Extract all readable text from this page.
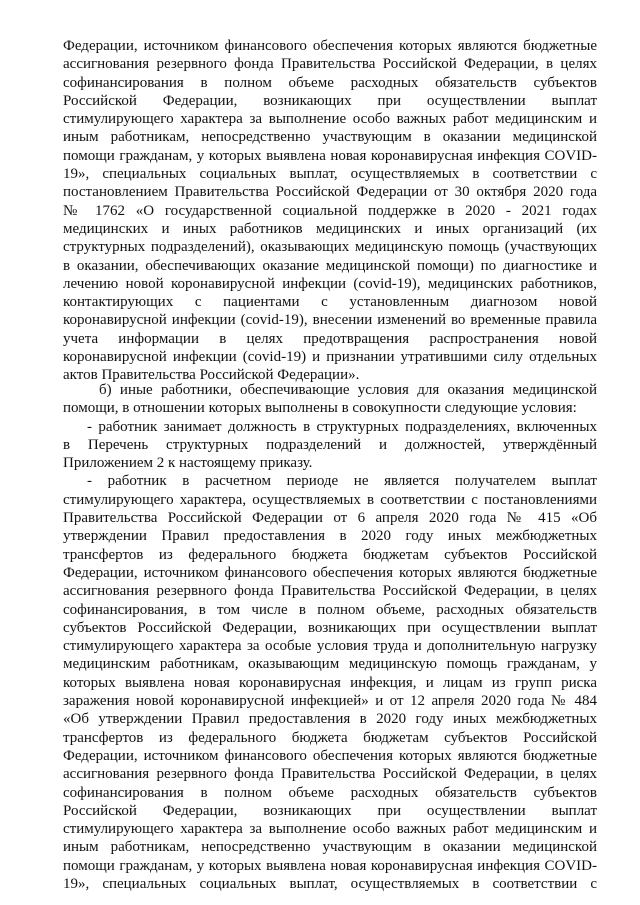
Федерации, источником финансового обеспечения которых являются бюджетные
ассигнования резервного фонда Правительства Российской Федерации, в целях
софинансирования в полном объеме расходных обязательств субъектов
Российской Федерации, возникающих при осуществлении выплат
стимулирующего характера за выполнение особо важных работ медицинским и
иным работникам, непосредственно участвующим в оказании медицинской
помощи гражданам, у которых выявлена новая коронавирусная инфекция COVID-
19», специальных социальных выплат, осуществляемых в соответствии с
постановлением Правительства Российской Федерации от 30 октября 2020 года
№ 1762 «О государственной социальной поддержке в 2020 - 2021 годах
медицинских и иных работников медицинских и иных организаций (их
структурных подразделений), оказывающих медицинскую помощь (участвующих
в оказании, обеспечивающих оказание медицинской помощи) по диагностике и
лечению новой коронавирусной инфекции (covid-19), медицинских работников,
контактирующих с пациентами с установленным диагнозом новой
коронавирусной инфекции (covid-19), внесении изменений во временные правила
учета информации в целях предотвращения распространения новой
коронавирусной инфекции (covid-19) и признании утратившими силу отдельных
актов Правительства Российской Федерации».
б) иные работники, обеспечивающие условия для оказания медицинской
помощи, в отношении которых выполнены в совокупности следующие условия:
- работник занимает должность в структурных подразделениях, включенных
в Перечень структурных подразделений и должностей, утверждённый
Приложением 2 к настоящему приказу.
- работник в расчетном периоде не является получателем выплат
стимулирующего характера, осуществляемых в соответствии с постановлениями
Правительства Российской Федерации от 6 апреля 2020 года № 415 «Об
утверждении Правил предоставления в 2020 году иных межбюджетных
трансфертов из федерального бюджета бюджетам субъектов Российской
Федерации, источником финансового обеспечения которых являются бюджетные
ассигнования резервного фонда Правительства Российской Федерации, в целях
софинансирования, в том числе в полном объеме, расходных обязательств
субъектов Российской Федерации, возникающих при осуществлении выплат
стимулирующего характера за особые условия труда и дополнительную нагрузку
медицинским работникам, оказывающим медицинскую помощь гражданам, у
которых выявлена новая коронавирусная инфекция, и лицам из групп риска
заражения новой коронавирусной инфекцией» и от 12 апреля 2020 года № 484
«Об утверждении Правил предоставления в 2020 году иных межбюджетных
трансфертов из федерального бюджета бюджетам субъектов Российской
Федерации, источником финансового обеспечения которых являются бюджетные
ассигнования резервного фонда Правительства Российской Федерации, в целях
софинансирования в полном объеме расходных обязательств субъектов
Российской Федерации, возникающих при осуществлении выплат
стимулирующего характера за выполнение особо важных работ медицинским и
иным работникам, непосредственно участвующим в оказании медицинской
помощи гражданам, у которых выявлена новая коронавирусная инфекция COVID-
19», специальных социальных выплат, осуществляемых в соответствии с
